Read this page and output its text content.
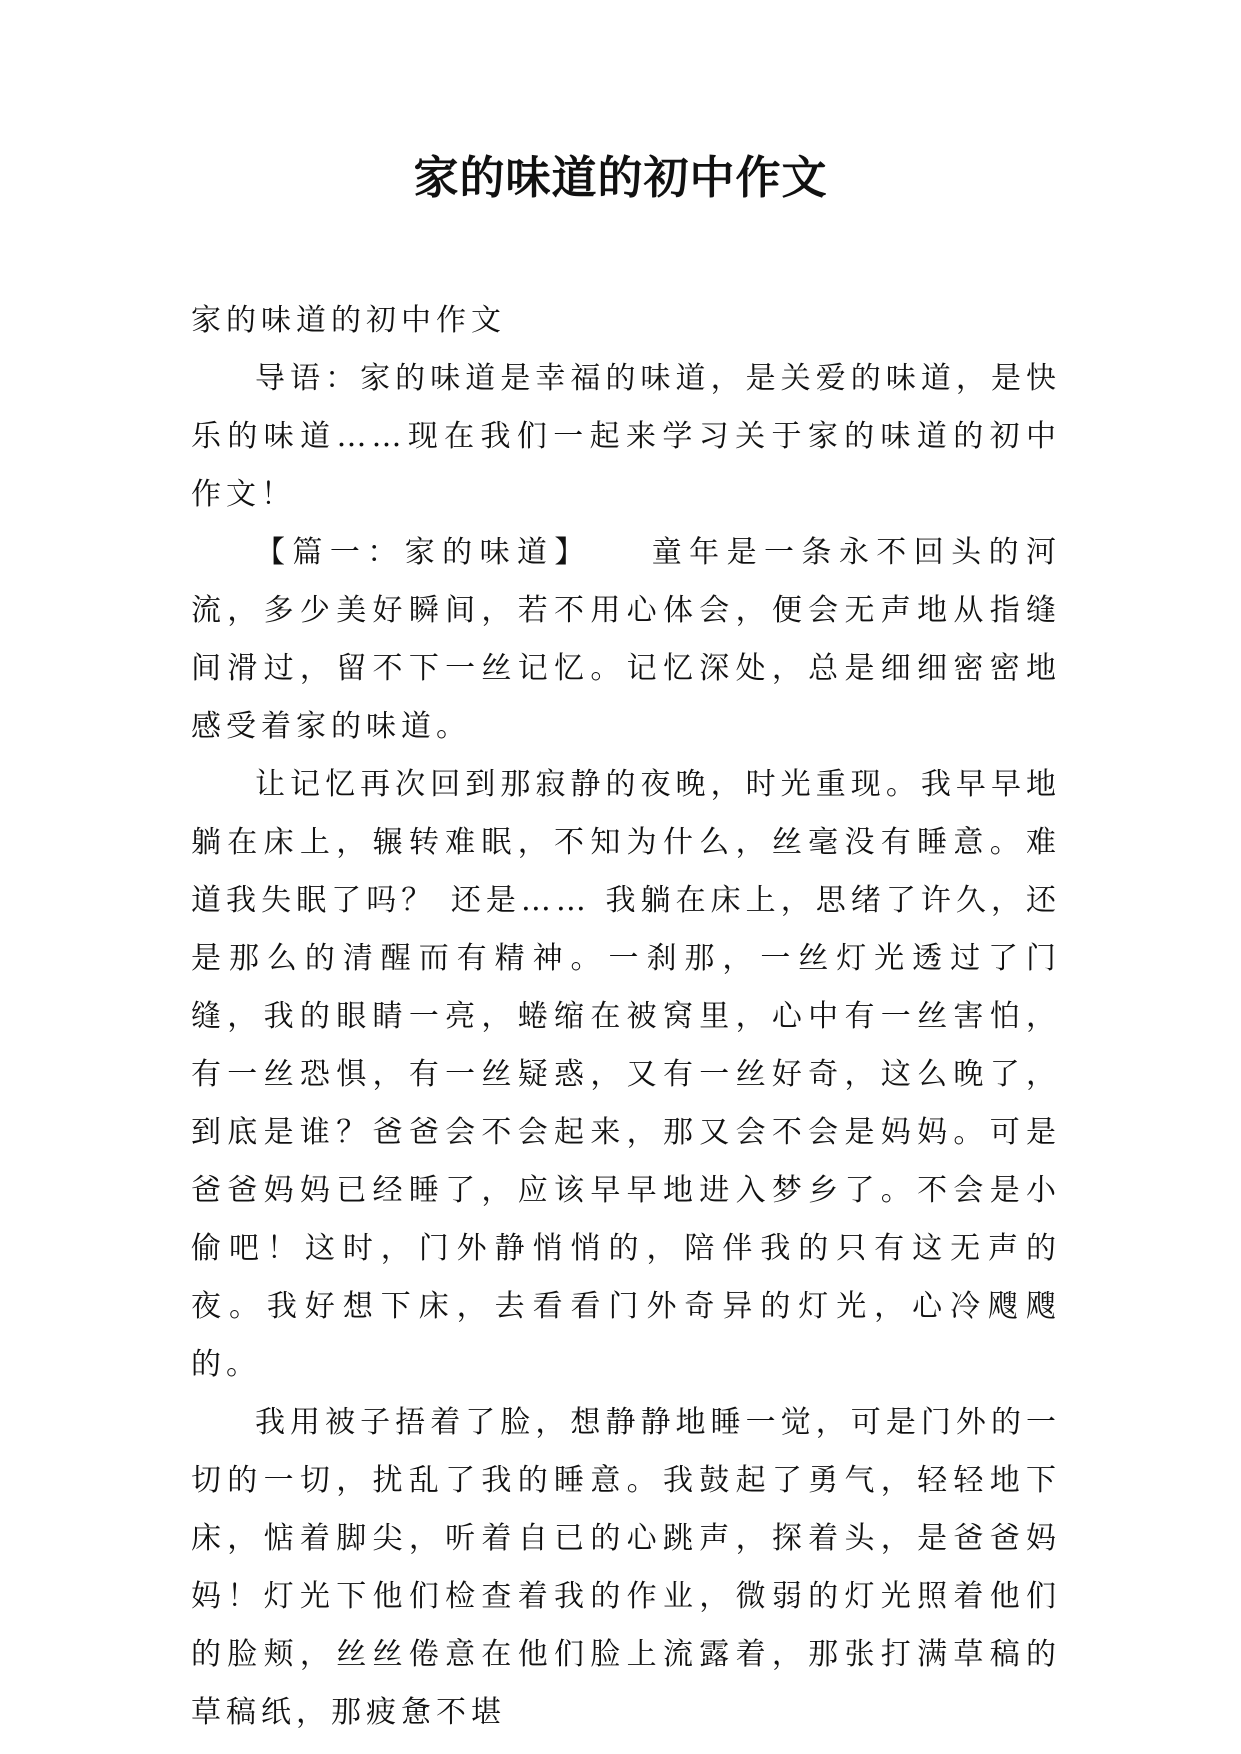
家的味道的初中作文

家的味道的初中作文

导语：家的味道是幸福的味道，是关爱的味道，是快乐的味道……现在我们一起来学习关于家的味道的初中作文！

【篇一：家的味道】　　童年是一条永不回头的河流，多少美好瞬间，若不用心体会，便会无声地从指缝间滑过，留不下一丝记忆。记忆深处，总是细细密密地感受着家的味道。

让记忆再次回到那寂静的夜晚，时光重现。我早早地躺在床上，辗转难眠，不知为什么，丝毫没有睡意。难道我失眠了吗？ 还是…… 我躺在床上，思绪了许久，还是那么的清醒而有精神。一刹那，一丝灯光透过了门缝，我的眼睛一亮，蜷缩在被窝里，心中有一丝害怕，有一丝恐惧，有一丝疑惑，又有一丝好奇，这么晚了，到底是谁？爸爸会不会起来，那又会不会是妈妈。可是爸爸妈妈已经睡了，应该早早地进入梦乡了。不会是小偷吧！这时，门外静悄悄的，陪伴我的只有这无声的夜。我好想下床，去看看门外奇异的灯光，心冷飕飕的。

我用被子捂着了脸，想静静地睡一觉，可是门外的一切的一切，扰乱了我的睡意。我鼓起了勇气，轻轻地下床，惦着脚尖，听着自已的心跳声，探着头，是爸爸妈妈！灯光下他们检查着我的作业，微弱的灯光照着他们的脸颊，丝丝倦意在他们脸上流露着，那张打满草稿的草稿纸，那疲惫不堪
